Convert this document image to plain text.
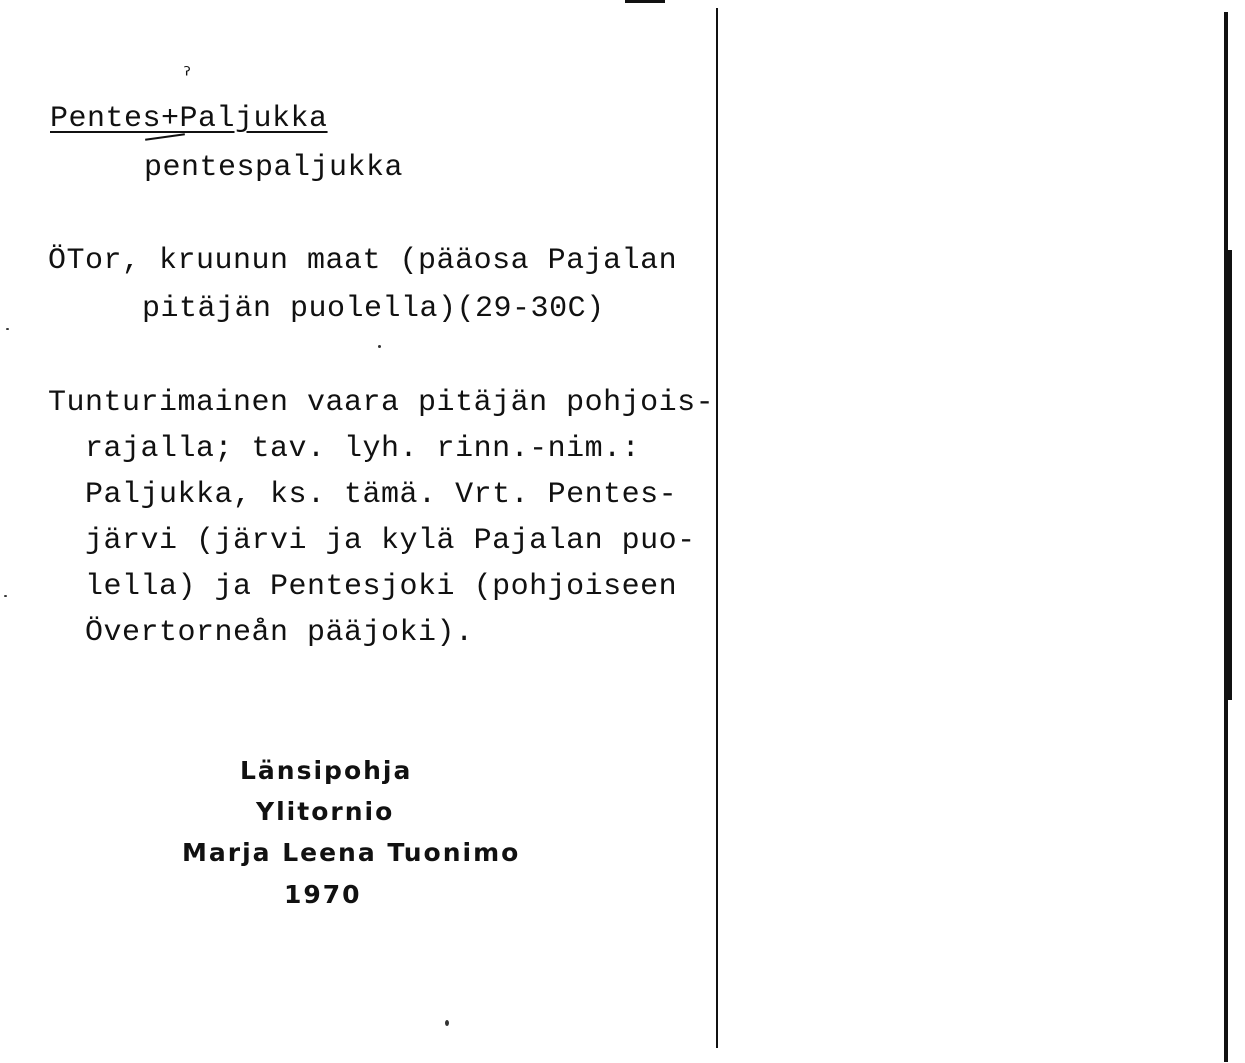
ˀ
Pentes+Paljukka
pentespaljukka
ÖTor, kruunun maat (pääosa Pajalan
pitäjän puolella)(29-30C)

Tunturimainen vaara pitäjän pohjois-

rajalla; tav. lyh. rinn.-nim.:

Paljukka, ks. tämä. Vrt. Pentes-

järvi (järvi ja kylä Pajalan puo-

lella) ja Pentesjoki (pohjoiseen

Övertorneån pääjoki).

Länsipohja
Ylitornio
Marja Leena Tuonimo
1970
